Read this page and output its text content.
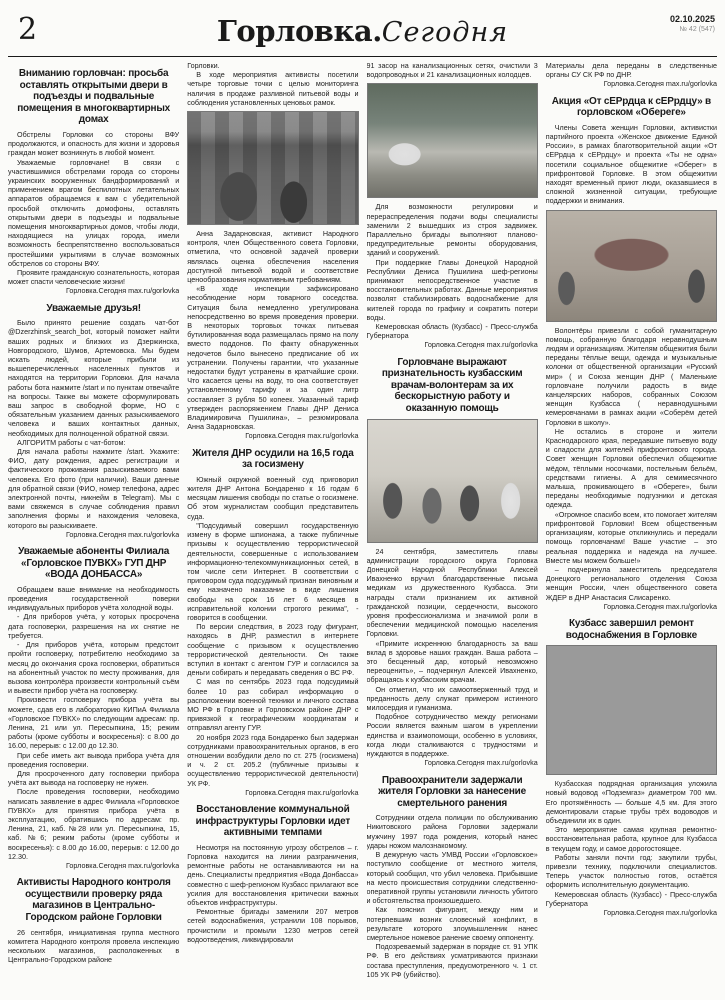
2	Горловка.Сегодня	02.10.2025
№ 42 (547)
Вниманию горловчан: просьба оставлять открытыми двери в подъезды и подвальные помещения в многоквартирных домах

Обстрелы Горловки со стороны ВФУ продолжаются, и опасность для жизни и здоровья граждан может возникнуть в любой момент.

Уважаемые горловчане! В связи с участившимися обстрелами города со стороны украинских вооруженных бандформирований и применением врагом беспилотных летательных аппаратов обращаемся к вам с убедительной просьбой отключить домофоны, оставлять открытыми двери в подъезды и подвальные помещения многоквартирных домов, чтобы люди, находящиеся на улицах города, имели возможность беспрепятственно воспользоваться простейшими укрытиями в случае возможных обстрелов со стороны ВФУ.

Проявите гражданскую сознательность, которая может спасти человеческие жизни!

Горловка.Сегодня max.ru/gorlovka

Уважаемые друзья!

Было принято решение создать чат-бот @Dzerzhinsk_search_bot, который поможет найти ваших родных и близких из Дзержинска, Новгородского, Шумов, Артемовска. Мы будем искать людей, которые прибыли из вышеперечисленных населенных пунктов и находятся на территории Горловки. Для начала работы бота нажмите /start и по пунктам отвечайте на вопросы. Также вы можете сформулировать ваш запрос в свободной форме, НО с обязательным указанием данных разыскиваемого человека и ваших контактных данных, необходимых для полноценной обратной связи.

АЛГОРИТМ работы с чат-ботом:

Для начала работы нажмите /start. Укажите: ФИО, дату рождения, адрес регистрации и фактического проживания разыскиваемого вами человека. Его фото (при наличии). Ваши данные для обратной связи (ФИО, номер телефона, адрес электронной почты, никнейм в Telegram). Мы с вами свяжемся в случае соблюдения правил заполнения формы и нахождения человека, которого вы разыскиваете.

Горловка.Сегодня max.ru/gorlovka

Уважаемые абоненты Филиала «Горловское ПУВКХ» ГУП ДНР «ВОДА ДОНБАССА»

Обращаем ваше внимание на необходимость проведения государственной поверки индивидуальных приборов учёта холодной воды.

- Для приборов учёта, у которых просрочена дата госповерки, разрешения на их снятие не требуется.

- Для приборов учёта, которым предстоит пройти госповерку, потребителю необходимо за месяц до окончания срока госповерки, обратиться на абонентный участок по месту проживания, для вызова контролёра произвести контрольный съём и вывести прибор учёта на госповерку.

Произвести госповерку прибора учёта вы можете, сдав его в лабораторию КИПиА Филиала «Горловское ПУВКХ» по следующим адресам: пр. Ленина, 21 или ул. Пересыпкина, 15; режим работы (кроме субботы и воскресенья): с 8.00 до 16.00, перерыв: с 12.00 до 12.30.

При себе иметь акт вывода прибора учёта для проведения госповерки.

Для просроченного дату госповерки прибора учёта акт вывода на госповерку не нужен.

После проведения госповерки, необходимо написать заявление в адрес Филиала «Горловское ПУВКХ» для принятия прибора учёта в эксплуатацию, обратившись по адресам: пр. Ленина, 21, каб. №28 или ул. Пересыпкина, 15, каб. №6; режим работы (кроме субботы и воскресенья): с 8.00 до 16.00, перерыв: с 12.00 до 12.30.

Горловка.Сегодня max.ru/gorlovka

Активисты Народного контроля осуществили проверку ряда магазинов в Центрально-Городском районе Горловки

26 сентября, инициативная группа местного комитета Народного контроля провела инспекцию нескольких магазинов, расположенных в Центрально-Городском районе

Горловки.

В ходе мероприятия активисты посетили четыре торговые точки с целью мониторинга наличия в продаже разливной питьевой воды и соблюдения установленных ценовых рамок.

Анна Задарновская, активист Народного контроля, член Общественного совета Горловки, отметила, что основной задачей проверки являлась оценка обеспечения населения доступной питьевой водой и соответствие ценообразования нормативным требованиям.

«В ходе инспекции зафиксировано несоблюдение норм товарного соседства. Ситуация была немедленно урегулирована непосредственно во время проведения проверки. В некоторых торговых точках питьевая бутилированная вода размещалась прямо на полу вместо поддонов. По факту обнаруженных недочетов было вынесено предписание об их устранении. Получены гарантии, что указанные недостатки будут устранены в кратчайшие сроки. Что касается цены на воду, то она соответствует установленному тарифу и за один литр составляет 3 рубля 50 копеек. Указанный тариф утвержден распоряжением Главы ДНР Дениса Владимировича Пушилина», – резюмировала Анна Задарновская.

Горловка.Сегодня max.ru/gorlovka

Жителя ДНР осудили на 16,5 года за госизмену

Южный окружной военный суд приговорил жителя ДНР Антона Бондаренко к 16 годам 6 месяцам лишения свободы по статье о госизмене. Об этом журналистам сообщил представитель суда.

"Подсудимый совершил государственную измену в форме шпионажа, а также публичные призывы к осуществлению террористической деятельности, совершенные с использованием информационно-телекоммуникационных сетей, в том числе сети Интернет. В соответствии с приговором суда подсудимый признан виновным и ему назначено наказание в виде лишения свободы на срок 16 лет 6 месяцев в исправительной колонии строгого режима", - говорится в сообщении.

По версии следствия, в 2023 году фигурант, находясь в ДНР, разместил в интернете сообщение с призывом к осуществлению террористической деятельности. Он также вступил в контакт с агентом ГУР и согласился за деньги собирать и передавать сведения о ВС РФ.

С мая по сентябрь 2023 года подсудимый более 10 раз собирал информацию о расположении военной техники и личного состава МО РФ в Горловке и Горловском районе ДНР с привязкой к географическим координатам и отправлял агенту ГУР.

20 ноября 2023 года Бондаренко был задержан сотрудниками правоохранительных органов, в его отношении возбудили дело по ст. 275 (госизмена) и ч. 2 ст. 205.2 (публичные призывы к осуществлению террористической деятельности) УК РФ.

Горловка.Сегодня max.ru/gorlovka

Восстановление коммунальной инфраструктуры Горловки идет активными темпами

Несмотря на постоянную угрозу обстрелов – г. Горловка находится на линии разграничения, ремонтные работы не останавливаются ни на день. Специалисты предприятия «Вода Донбасса» совместно с шеф-регионом Кузбасс прилагают все усилия для восстановления критически важных объектов инфраструктуры.

Ремонтные бригады заменили 207 метров сетей водоснабжения, устранили 108 порывов, прочистили и промыли 1230 метров сетей водоотведения, ликвидировали

91 засор на канализационных сетях, очистили 3 водопроводных и 21 канализационных колодцев.

Для возможности регулировки и перераспределения подачи воды специалисты заменили 2 вышедших из строя задвижек. Параллельно бригады выполняют планово-предупредительные ремонты оборудования, зданий и сооружений.

При поддержке Главы Донецкой Народной Республики Дениса Пушилина шеф-регионы принимают непосредственное участие в восстановительных работах. Данные мероприятия позволят стабилизировать водоснабжение для жителей города по графику и сократить потери воды.

Кемеровская область (Кузбасс) - Пресс-служба Губернатора

Горловка.Сегодня max.ru/gorlovka

Горловчане выражают признательность кузбасским врачам-волонтерам за их бескорыстную работу и оказанную помощь

24 сентября, заместитель главы администрации городского округа Горловка Донецкой Народной Республики Алексей Ивахненко вручил благодарственные письма медикам из дружественного Кузбасса. Эти награды стали признанием их активной гражданской позиции, сердечности, высокого уровня профессионализма и значимой роли в обеспечении медицинской помощью населения Горловки.

«Примите искреннюю благодарность за ваш вклад в здоровье наших граждан. Ваша работа – это бесценный дар, который невозможно переоценить», – подчеркнул Алексей Ивахненко, обращаясь к кузбасским врачам.

Он отметил, что их самоотверженный труд и преданность делу служат примером истинного милосердия и гуманизма.

Подобное сотрудничество между регионами России является важным шагом в укреплении единства и взаимопомощи, особенно в условиях, когда люди сталкиваются с трудностями и нуждаются в поддержке.

Горловка.Сегодня max.ru/gorlovka

Правоохранители задержали жителя Горловки за нанесение смертельного ранения

Сотрудники отдела полиции по обслуживанию Никитовского района Горловки задержали мужчину 1997 года рождения, который нанес удары ножом малознакомому.

В дежурную часть УМВД России «Горловское» поступило сообщение от местного жителя, который сообщил, что убил человека. Прибывшие на место происшествия сотрудники следственно-оперативной группы установили личность убитого и обстоятельства произошедшего.

Как пояснил фигурант, между ним и потерпевшим возник словесный конфликт, в результате которого злоумышленник нанес смертельное ножевое ранение своему оппоненту.

Подозреваемый задержан в порядке ст. 91 УПК РФ. В его действиях усматриваются признаки состава преступления, предусмотренного ч. 1 ст. 105 УК РФ (убийство).

Материалы дела переданы в следственные органы СУ СК РФ по ДНР.

Горловка.Сегодня max.ru/gorlovka

Акция «От сЕРрдца к сЕРрдцу» в горловском «Обереге»

Члены Совета женщин Горловки, активистки партийного проекта «Женское движение Единой России», в рамках благотворительной акции «От сЕРрдца к сЕРрдцу» и проекта «Ты не одна» посетили социальное общежитие «Оберег» в прифронтовой Горловке. В этом общежитии находят временный приют люди, оказавшиеся в сложной жизненной ситуации, требующие поддержки и внимания.

Волонтёры привезли с собой гуманитарную помощь, собранную благодаря неравнодушным людям и организациям. Жителям общежития были переданы тёплые вещи, одежда и музыкальные колонки от общественной организации «Русский мир» ( и Союза женщин ДНР ( Маленькие горловчане получили радость в виде канцелярских наборов, собранных Союзом женщин Кузбасса ( неравнодушными кемеровчанами в рамках акции «Соберём детей Горловки в школу».

Не остались в стороне и жители Краснодарского края, передавшие питьевую воду и сладости для жителей прифронтового города. Совет женщин Горловки обеспечил общежитие мёдом, тёплыми носочками, постельным бельём, средствами гигиены. А для семимесячного малыша, проживающего в «Обереге», были переданы необходимые подгузники и детская одежда.

«Огромное спасибо всем, кто помогает жителям прифронтовой Горловки! Всем общественным организациям, которые откликнулись и передали помощь горловчанам! Ваше участие – это реальная поддержка и надежда на лучшее. Вместе мы можем больше!»

– подчеркнула заместитель председателя Донецкого регионального отделения Союза женщин России, член общественного совета ЖДЕР в ДНР Анастасия Слисаренко.

Горловка.Сегодня max.ru/gorlovka

Кузбасс завершил ремонт водоснабжения в Горловке

Кузбасская подрядная организация уложила новый водовод «Подземгаз» диаметром 700 мм. Его протяжённость — больше 4,5 км. Для этого демонтировали старые трубы трёх водоводов и объединили их в один.

Это мероприятие самая крупная ремонтно-восстановительная работа, крупное для Кузбасса в текущем году, и самое дорогостоящее.

Работы заняли почти год: закупили трубы, привезли технику, подключили специалистов. Теперь участок полностью готов, остаётся оформить исполнительную документацию.

Кемеровская область (Кузбасс) - Пресс-служба Губернатора

Горловка.Сегодня max.ru/gorlovka
